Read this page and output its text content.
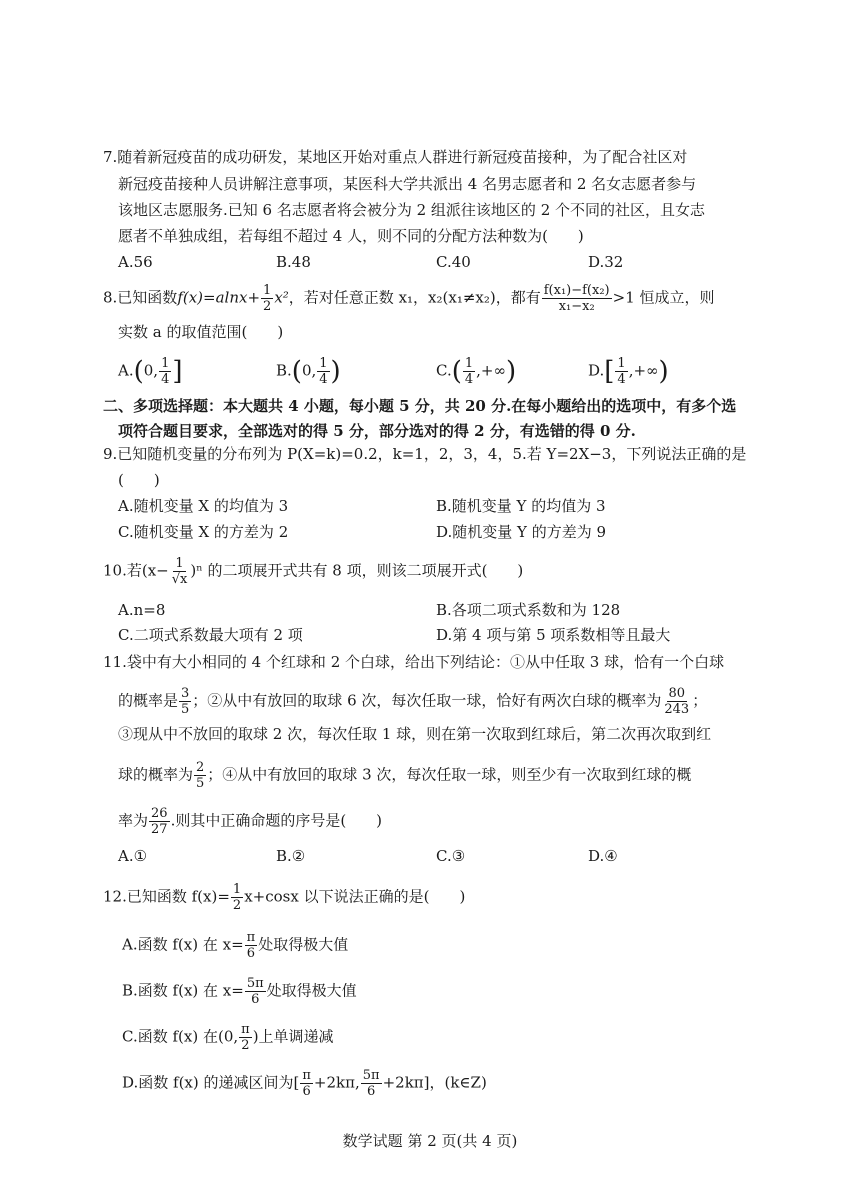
7.随着新冠疫苗的成功研发，某地区开始对重点人群进行新冠疫苗接种，为了配合社区对
新冠疫苗接种人员讲解注意事项，某医科大学共派出 4 名男志愿者和 2 名女志愿者参与
该地区志愿服务.已知 6 名志愿者将会被分为 2 组派往该地区的 2 个不同的社区，且女志
愿者不单独成组，若每组不超过 4 人，则不同的分配方法种数为(　　)
A.56	B.48	C.40	D.32
8.已知函数$f(x)=alnx+ \frac{1}{2} x^2$，若对任意正数 x₁，x₂(x₁≠x₂)，都有 $\frac{\text{f(x₁)−f(x₂)}}{\text{x₁−x₂}} >1$ 恒成立，则
实数 a 的取值范围(　　)
A.(0, $\frac{1}{4}$ ]	B.(0, $\frac{1}{4}$ )	$C.( \frac{1}{4}$ ,+∞)	$D.[ \frac{1}{4}$ ,+∞)
二、多项选择题：本大题共 4 小题，每小题 5 分，共 20 分.在每小题给出的选项中，有多个选
项符合题目要求，全部选对的得 5 分，部分选对的得 2 分，有选错的得 0 分.
9.已知随机变量的分布列为 P(X=k)=0.2，k=1，2，3，4，5.若 Y=2X−3，下列说法正确的是
(　　)
A.随机变量 X 的均值为 3	B.随机变量 Y 的均值为 3
C.随机变量 X 的方差为 2	D.随机变量 Y 的方差为 9
10.若$(x- \frac{1}{√x} )^n$ 的二项展开式共有 8 项，则该二项展开式(　　)
A.n=8	B.各项二项式系数和为 128
C.二项式系数最大项有 2 项	D.第 4 项与第 5 项系数相等且最大
11.袋中有大小相同的 4 个红球和 2 个白球，给出下列结论：①从中任取 3 球，恰有一个白球
的概率是 $\frac{3}{5}$ ；②从中有放回的取球 6 次，每次任取一球，恰好有两次白球的概率为 $\frac{80}{243}$ ；
③现从中不放回的取球 2 次，每次任取 1 球，则在第一次取到红球后，第二次再次取到红
球的概率为 $\frac{2}{5}$ ；④从中有放回的取球 3 次，每次任取一球，则至少有一次取到红球的概
率为 $\frac{26}{27}$ .则其中正确命题的序号是(　　)
A.①	B.②	C.③	D.④
12.已知函数 $f(x)= \frac{1}{2} x+\cos x$ 以下说法正确的是(　　)
A.函数 f(x) 在 $x= \frac{\pi}{6}$ 处取得极大值
B.函数 f(x) 在 $x= \frac{5\pi}{6}$ 处取得极大值
C.函数 f(x) 在(0, $\frac{\pi}{2}$ )上单调递减
D.函数 f(x) 的递减区间为[ $\frac{\pi}{6} +2k\pi$, $\frac{5\pi}{6} +2k\pi$]，(k∈Z)
数学试题 第 2 页(共 4 页)
